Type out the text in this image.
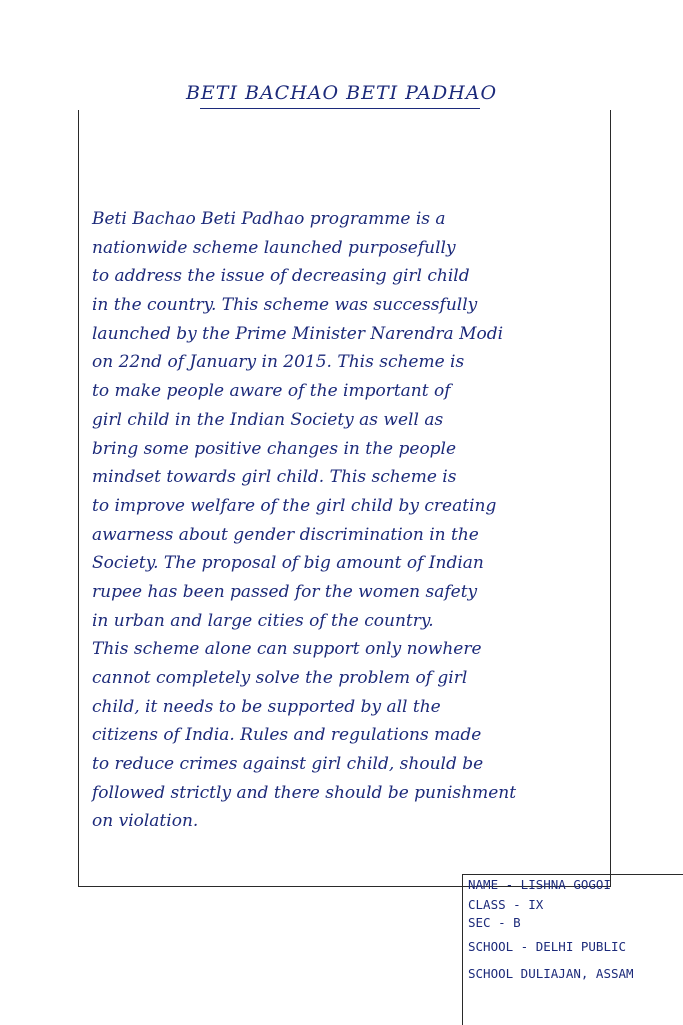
BETI BACHAO BETI PADHAO
Beti Bachao Beti Padhao programme is a
nationwide scheme launched purposefully
to address the issue of decreasing girl child
in the country. This scheme was successfully
launched by the Prime Minister Narendra Modi
on 22nd of January in 2015. This scheme is
to make people aware of the important of
girl child in the Indian Society as well as
bring some positive changes in the people
mindset towards girl child. This scheme is
to improve welfare of the girl child by creating
awarness about gender discrimination in the
Society. The proposal of big amount of Indian
rupee has been passed for the women safety
in urban and large cities of the country.
This scheme alone can support only nowhere
cannot completely solve the problem of girl
child, it needs to be supported by all the
citizens of India. Rules and regulations made
to reduce crimes against girl child, should be
followed strictly and there should be punishment
on violation.
NAME - LISHNA GOGOI
CLASS - IX
SEC - B
SCHOOL - DELHI PUBLIC
SCHOOL DULIAJAN, ASSAM
